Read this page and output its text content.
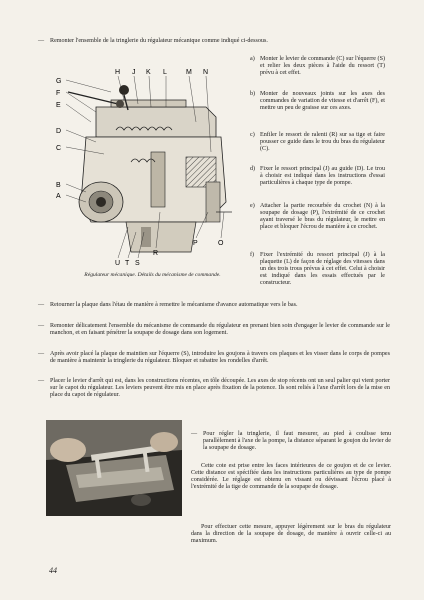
— Remonter l'ensemble de la tringlerie du régulateur mécanique comme indiqué ci-dessous.
G
F
E
D
C
B
A
H J K L	M N
U T S
R
P	O
Régulateur mécanique. Détails du mécanisme de commande.
a) Monter le levier de commande (C) sur l'équerre (S) et relier les deux pièces à l'aide du ressort (T) prévu à cet effet.
b) Monter de nouveaux joints sur les axes des commandes de variation de vitesse et d'arrêt (F), et mettre un peu de graisse sur ces axes.
c) Enfiler le ressort de ralenti (R) sur sa tige et faire pousser ce guide dans le trou du bras du régulateur (C).
d) Fixer le ressort principal (J) au guide (D). Le trou à choisir est indiqué dans les instructions d'essai particulières à chaque type de pompe.
e) Attacher la partie recourbée du crochet (N) à la soupape de dosage (P), l'extrémité de ce crochet ayant traversé le bras du régulateur, le mettre en place et bloquer l'écrou de manière à ce crochet.
f) Fixer l'extrémité du ressort principal (J) à la plaquette (L) de façon de réglage des vitesses dans un des trois trous prévus à cet effet. Celui à choisir est indiqué dans les essais effectués par le constructeur.
— Retourner la plaque dans l'étau de manière à remettre le mécanisme d'avance automatique vers le bas.
— Remonter délicatement l'ensemble du mécanisme de commande du régulateur en prenant bien soin d'engager le levier de commande sur le manchon, et en faisant pénétrer la soupape de dosage dans son logement.
— Après avoir placé la plaque de maintien sur l'équerre (S), introduire les goujons à travers ces plaques et les visser dans le corps de pompes de manière à maintenir la tringlerie du régulateur. Bloquer et rabattre les rondelles d'arrêt.
— Placer le levier d'arrêt qui est, dans les constructions récentes, en tôle découpée. Les axes de stop récents ont un seul palier qui vient porter sur le capot du régulateur. Les leviers peuvent être mis en place après fixation de la potence. Ils sont reliés à l'axe d'arrêt lors de la mise en place du capot de régulateur.
— Pour régler la tringlerie, il faut mesurer, au pied à coulisse tenu parallèlement à l'axe de la pompe, la distance séparant le goujon du levier de la soupape de dosage.
Cette cote est prise entre les faces intérieures de ce goujon et de ce levier. Cette distance est spécifiée dans les instructions particulières au type de pompe considérée. Le réglage est obtenu en vissant ou dévissant l'écrou placé à l'extrémité de la tige de commande de la soupape de dosage.
Pour effectuer cette mesure, appuyer légèrement sur le bras du régulateur dans la direction de la soupape de dosage, de manière à ouvrir celle-ci au maximum.
44
